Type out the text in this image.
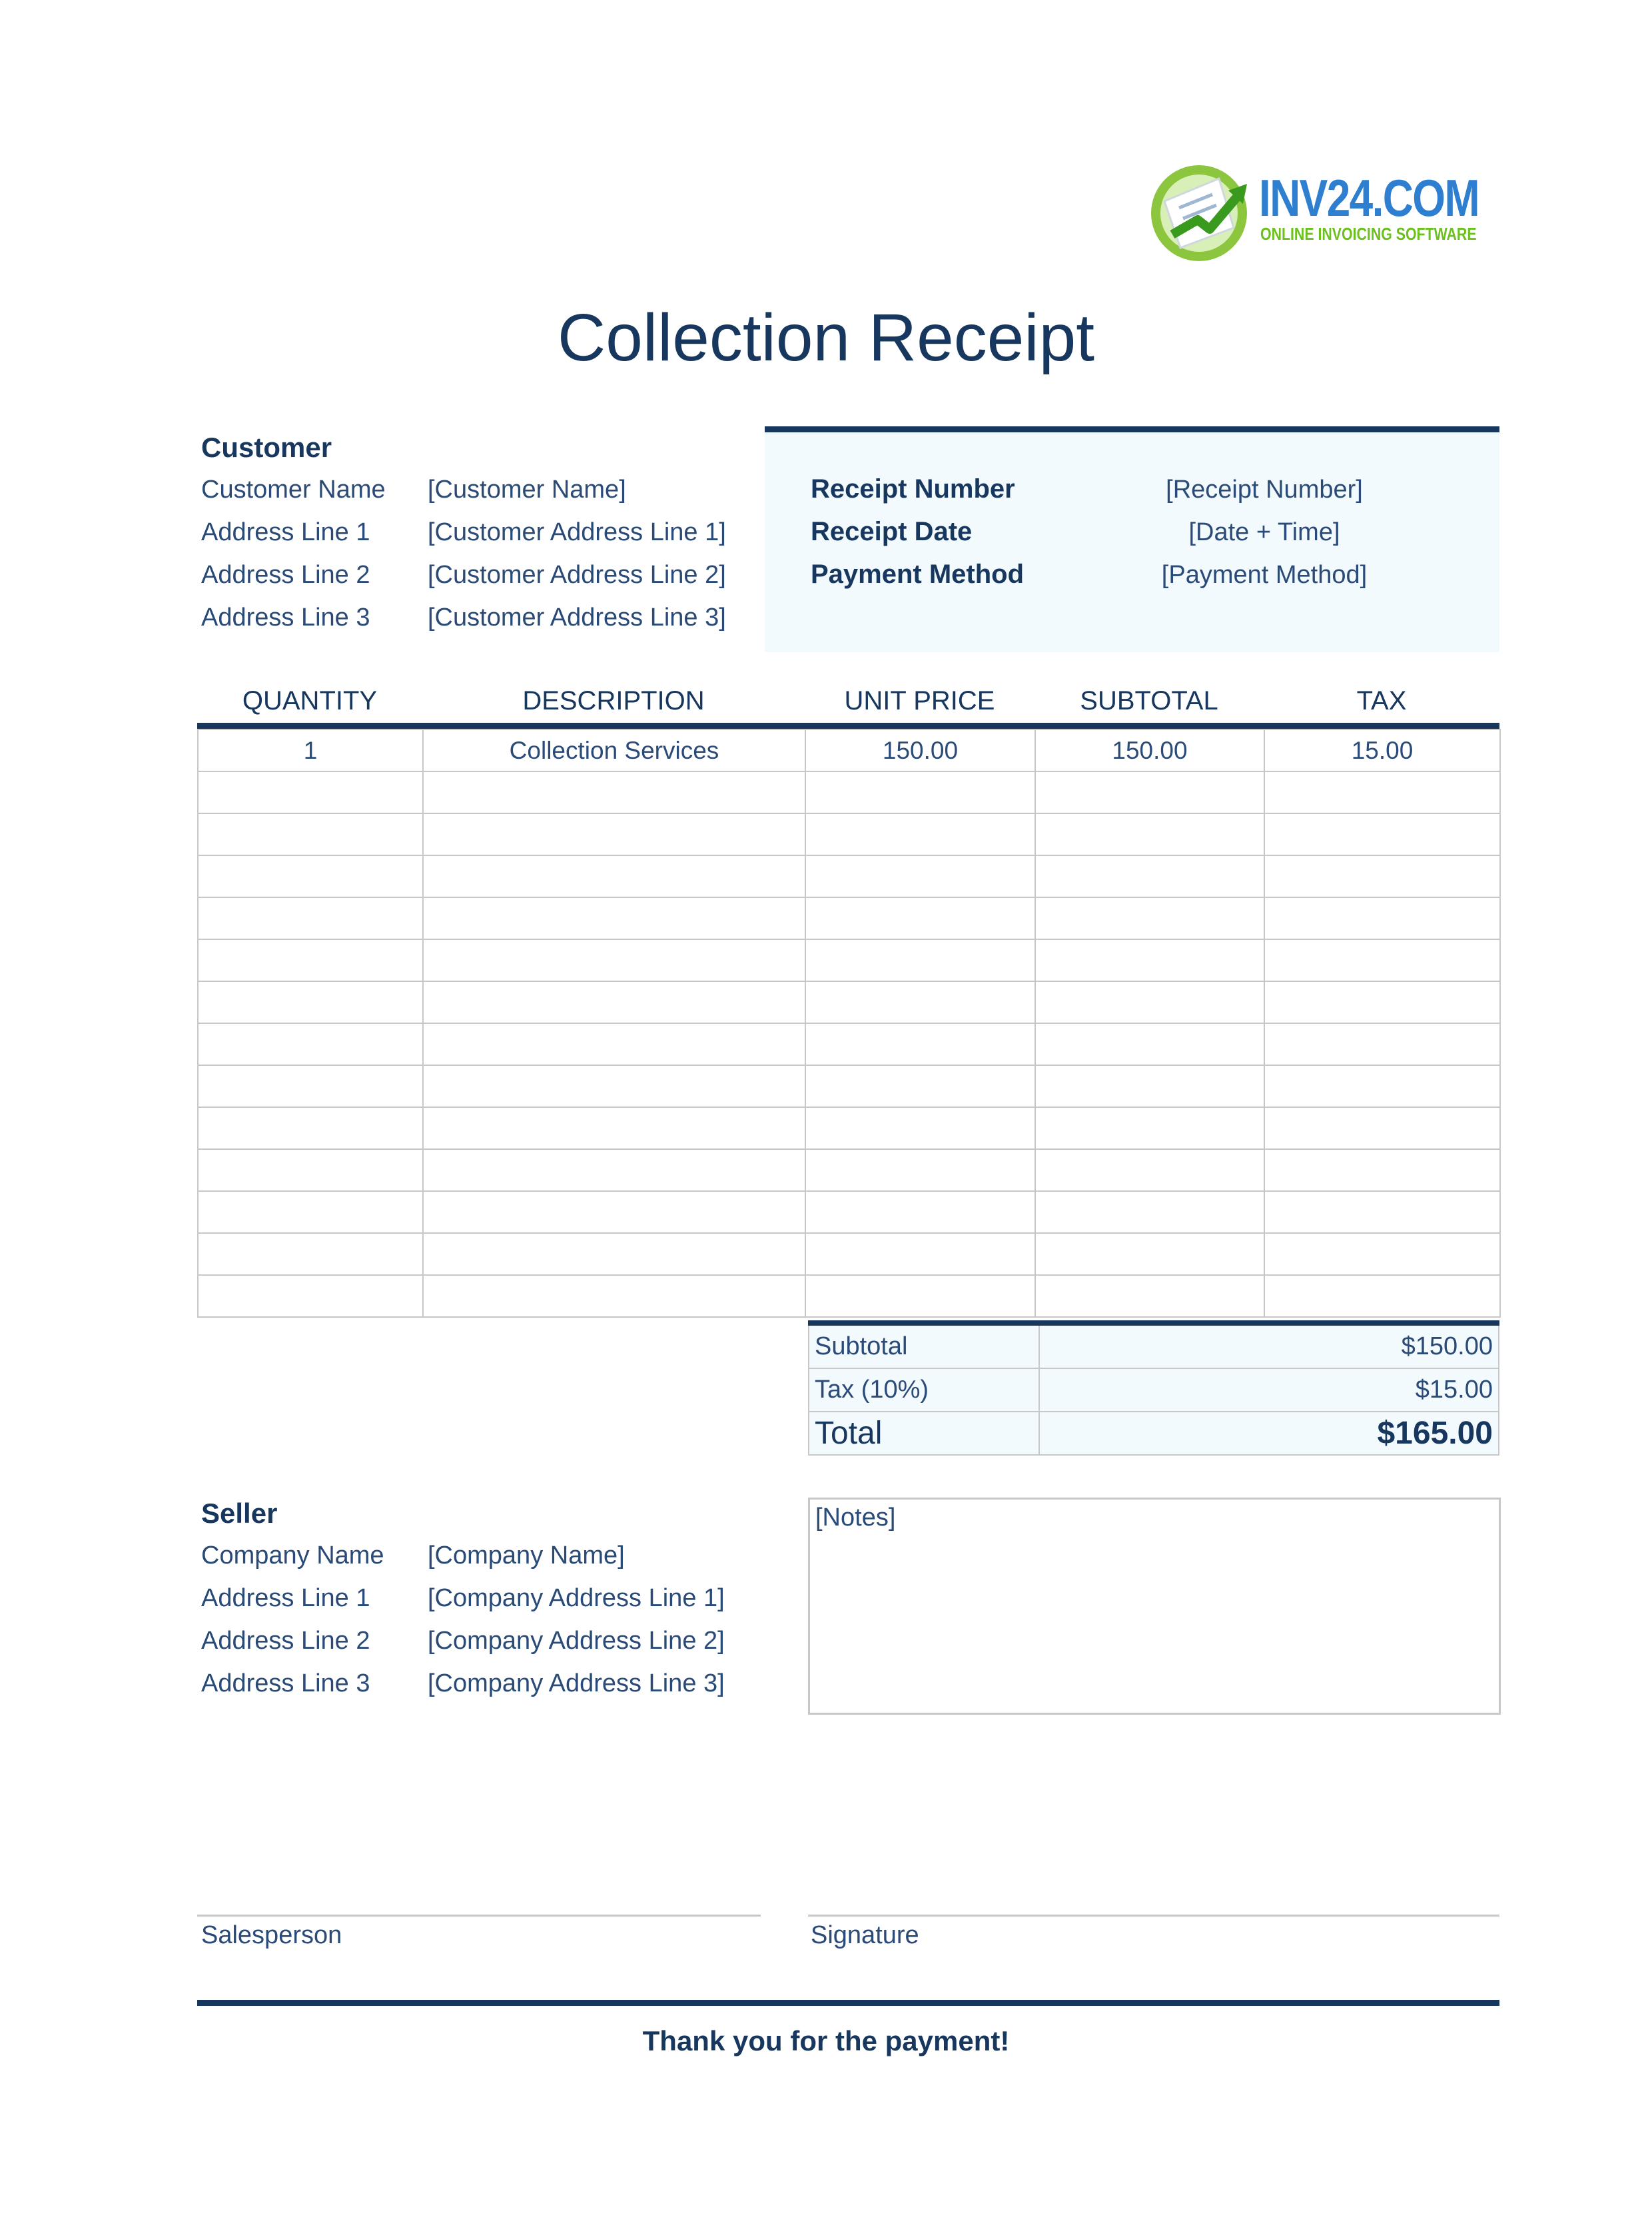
INV24.COM
ONLINE INVOICING SOFTWARE
Collection Receipt
Customer
Customer Name [Customer Name]
Address Line 1 [Customer Address Line 1]
Address Line 2 [Customer Address Line 2]
Address Line 3 [Customer Address Line 3]
Receipt Number	[Receipt Number]
Receipt Date	[Date + Time]
Payment Method	[Payment Method]
QUANTITY	DESCRIPTION	UNIT PRICE	SUBTOTAL	TAX
1	Collection Services	150.00	150.00	15.00

Subtotal	$150.00
Tax (10%)	$15.00
Total	$165.00
Seller
Company Name [Company Name]
Address Line 1 [Company Address Line 1]
Address Line 2 [Company Address Line 2]
Address Line 3 [Company Address Line 3]
[Notes]
Salesperson	Signature
Thank you for the payment!
